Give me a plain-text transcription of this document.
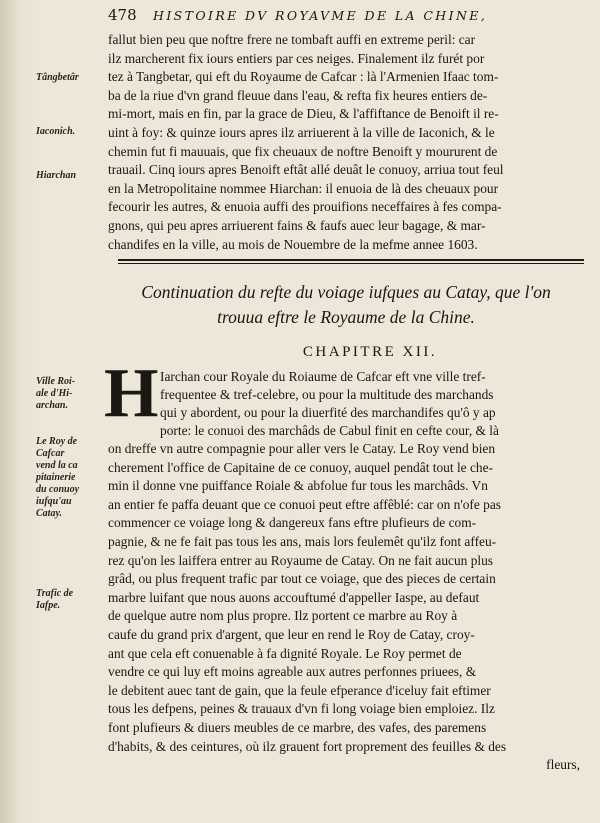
478 HISTOIRE DV ROYAVME DE LA CHINE,
Tângbetâr
Iaconich.
Hiarchan
fallut bien peu que noftre frere ne tombaft auffi en extreme peril: car
ilz marcherent fix iours entiers par ces neiges. Finalement ilz furét por
tez à Tangbetar, qui eft du Royaume de Cafcar : là l'Armenien Ifaac tom-
ba de la riue d'vn grand fleuue dans l'eau, & refta fix heures entiers de-
mi-mort, mais en fin, par la grace de Dieu, & l'affiftance de Benoift il re-
uint à foy: & quinze iours apres ilz arriuerent à la ville de Iaconich, & le
chemin fut fi mauuais, que fix cheuaux de noftre Benoift y moururent de
trauail. Cinq iours apres Benoift eftât allé deuât le conuoy, arriua tout feul
en la Metropolitaine nommee Hiarchan: il enuoia de là des cheuaux pour
fecourir les autres, & enuoia auffi des prouifions neceffaires à fes compa-
gnons, qui peu apres arriuerent fains & faufs auec leur bagage, & mar-
chandifes en la ville, au mois de Nouembre de la mefme annee 1603.
Continuation du refte du voiage iufques au Catay, que l'on
trouua eftre le Royaume de la Chine.
CHAPITRE XII.
H Iarchan cour Royale du Roiaume de Cafcar eft vne ville tref-
frequentee & tref-celebre, ou pour la multitude des marchands
qui y abordent, ou pour la diuerfité des marchandifes qu'ô y ap
porte: le conuoi des marchâds de Cabul finit en cefte cour, & là
Ville Roi-
ale d'Hi-
archan.
Le Roy de
Cafcar
vend la ca
pitainerie
du conuoy
iufqu'au
Catay.
Trafic de
Iafpe.
on dreffe vn autre compagnie pour aller vers le Catay. Le Roy vend bien
cherement l'office de Capitaine de ce conuoy, auquel pendât tout le che-
min il donne vne puiffance Roiale & abfolue fur tous les marchâds. Vn
an entier fe paffa deuant que ce conuoi peut eftre affêblé: car on n'ofe pas
commencer ce voiage long & dangereux fans eftre plufieurs de com-
pagnie, & ne fe fait pas tous les ans, mais lors feulemêt qu'ilz font affeu-
rez qu'on les laiffera entrer au Royaume de Catay. On ne fait aucun plus
grâd, ou plus frequent trafic par tout ce voiage, que des pieces de certain
marbre luifant que nous auons accouftumé d'appeller Iaspe, au defaut
de quelque autre nom plus propre. Ilz portent ce marbre au Roy à
caufe du grand prix d'argent, que leur en rend le Roy de Catay, croy-
ant que cela eft conuenable à fa dignité Royale. Le Roy permet de
vendre ce qui luy eft moins agreable aux autres perfonnes priuees, &
le debitent auec tant de gain, que la feule efperance d'iceluy fait eftimer
tous les defpens, peines & trauaux d'vn fi long voiage bien emploiez. Ilz
font plufieurs & diuers meubles de ce marbre, des vafes, des paremens
d'habits, & des ceintures, où ilz grauent fort proprement des feuilles & des
fleurs,
